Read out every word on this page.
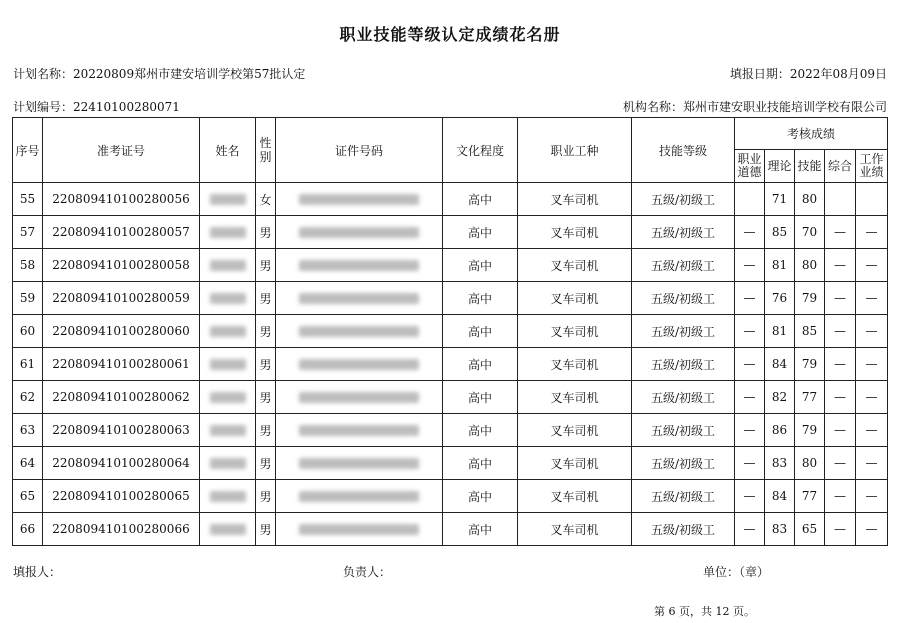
职业技能等级认定成绩花名册
计划名称：20220809郑州市建安培训学校第57批认定	填报日期：2022年08月09日
计划编号：22410100280071	机构名称：郑州市建安职业技能培训学校有限公司
序号	准考证号	姓名	性别	证件号码	文化程度	职业工种	技能等级	考核成绩				
								职业道德	理论	技能	综合	工作业绩
55	220809410100280056		女		高中	叉车司机	五级/初级工		71	80		
57	220809410100280057		男		高中	叉车司机	五级/初级工	—	85	70	—	—
58	220809410100280058		男		高中	叉车司机	五级/初级工	—	81	80	—	—
59	220809410100280059		男		高中	叉车司机	五级/初级工	—	76	79	—	—
60	220809410100280060		男		高中	叉车司机	五级/初级工	—	81	85	—	—
61	220809410100280061		男		高中	叉车司机	五级/初级工	—	84	79	—	—
62	220809410100280062		男		高中	叉车司机	五级/初级工	—	82	77	—	—
63	220809410100280063		男		高中	叉车司机	五级/初级工	—	86	79	—	—
64	220809410100280064		男		高中	叉车司机	五级/初级工	—	83	80	—	—
65	220809410100280065		男		高中	叉车司机	五级/初级工	—	84	77	—	—
66	220809410100280066		男		高中	叉车司机	五级/初级工	—	83	65	—	—
填报人：	负责人：	单位：（章）
第 6 页，共 12 页。
